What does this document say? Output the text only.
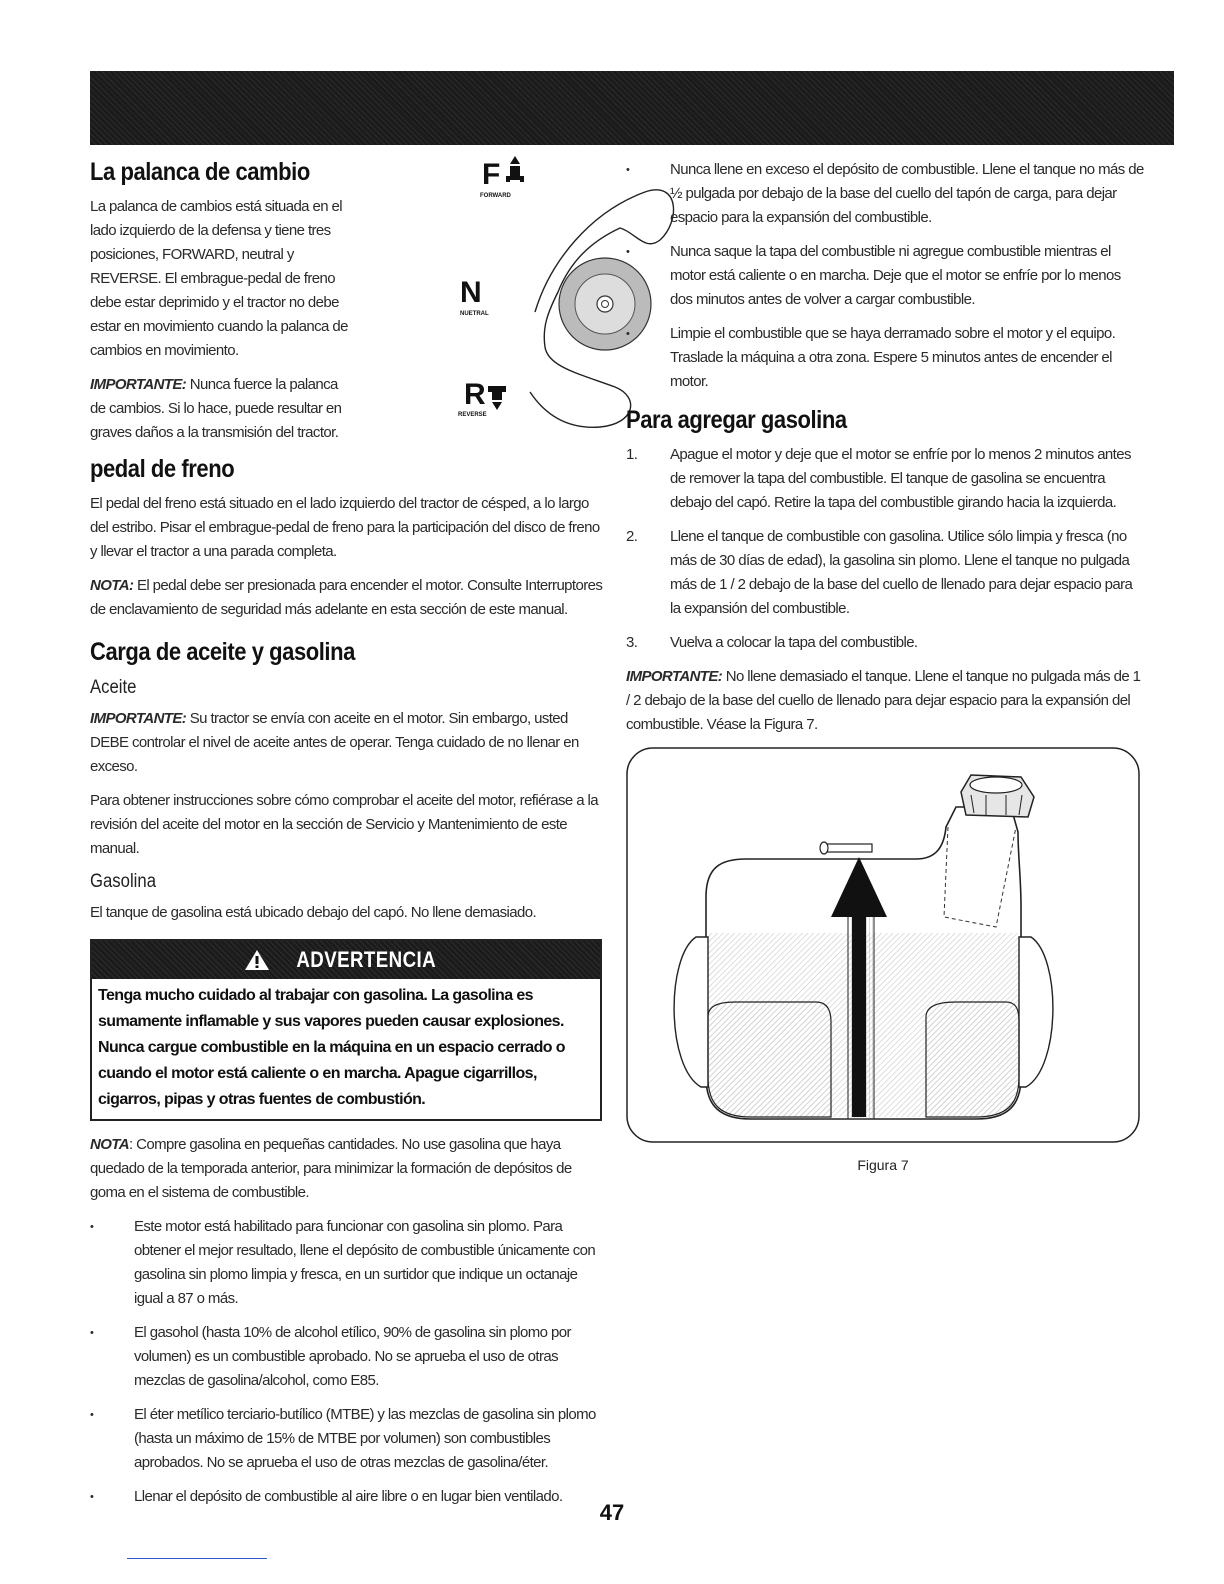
La palanca de cambio

La palanca de cambios está situada en el lado izquierdo de la defensa y tiene tres posiciones, FORWARD, neutral y REVERSE. El embrague-pedal de freno debe estar deprimido y el tractor no debe estar en movimiento cuando la palanca de cambios en movimiento.

IMPORTANTE: Nunca fuerce la palanca de cambios. Si lo hace, puede resultar en graves daños a la transmisión del tractor.

F
FORWARD
N
NUETRAL
R
REVERSE
pedal de freno

El pedal del freno está situado en el lado izquierdo del tractor de césped, a lo largo del estribo. Pisar el embrague-pedal de freno para la participación del disco de freno y llevar el tractor a una parada completa.

NOTA: El pedal debe ser presionada para encender el motor. Consulte Interruptores de enclavamiento de seguridad más adelante en esta sección de este manual.

Carga de aceite y gasolina
Aceite

IMPORTANTE: Su tractor se envía con aceite en el motor. Sin embargo, usted DEBE controlar el nivel de aceite antes de operar. Tenga cuidado de no llenar en exceso.

Para obtener instrucciones sobre cómo comprobar el aceite del motor, refiérase a la revisión del aceite del motor en la sección de Servicio y Mantenimiento de este manual.

Gasolina

El tanque de gasolina está ubicado debajo del capó. No llene demasiado.

ADVERTENCIA
Tenga mucho cuidado al trabajar con gasolina. La gasolina es sumamente inflamable y sus vapores pueden causar explosiones. Nunca cargue combustible en la máquina en un espacio cerrado o cuando el motor está caliente o en marcha. Apague cigarrillos, cigarros, pipas y otras fuentes de combustión.

NOTA: Compre gasolina en pequeñas cantidades. No use gasolina que haya quedado de la temporada anterior, para minimizar la formación de depósitos de goma en el sistema de combustible.

• Este motor está habilitado para funcionar con gasolina sin plomo. Para obtener el mejor resultado, llene el depósito de combustible únicamente con gasolina sin plomo limpia y fresca, en un surtidor que indique un octanaje igual a 87 o más.
• El gasohol (hasta 10% de alcohol etílico, 90% de gasolina sin plomo por volumen) es un combustible aprobado. No se aprueba el uso de otras mezclas de gasolina/alcohol, como E85.
• El éter metílico terciario-butílico (MTBE) y las mezclas de gasolina sin plomo (hasta un máximo de 15% de MTBE por volumen) son combustibles aprobados. No se aprueba el uso de otras mezclas de gasolina/éter.
• Llenar el depósito de combustible al aire libre o en lugar bien ventilado.
• Nunca llene en exceso el depósito de combustible. Llene el tanque no más de ½ pulgada por debajo de la base del cuello del tapón de carga, para dejar espacio para la expansión del combustible.
• Nunca saque la tapa del combustible ni agregue combustible mientras el motor está caliente o en marcha. Deje que el motor se enfríe por lo menos dos minutos antes de volver a cargar combustible.
• Limpie el combustible que se haya derramado sobre el motor y el equipo. Traslade la máquina a otra zona. Espere 5 minutos antes de encender el motor.
Para agregar gasolina
1. Apague el motor y deje que el motor se enfríe por lo menos 2 minutos antes de remover la tapa del combustible. El tanque de gasolina se encuentra debajo del capó. Retire la tapa del combustible girando hacia la izquierda.
2. Llene el tanque de combustible con gasolina. Utilice sólo limpia y fresca (no más de 30 días de edad), la gasolina sin plomo. Llene el tanque no pulgada más de 1 / 2 debajo de la base del cuello de llenado para dejar espacio para la expansión del combustible.
3. Vuelva a colocar la tapa del combustible.

IMPORTANTE: No llene demasiado el tanque. Llene el tanque no pulgada más de 1 / 2 debajo de la base del cuello de llenado para dejar espacio para la expansión del combustible. Véase la Figura 7.

Figura 7
47
